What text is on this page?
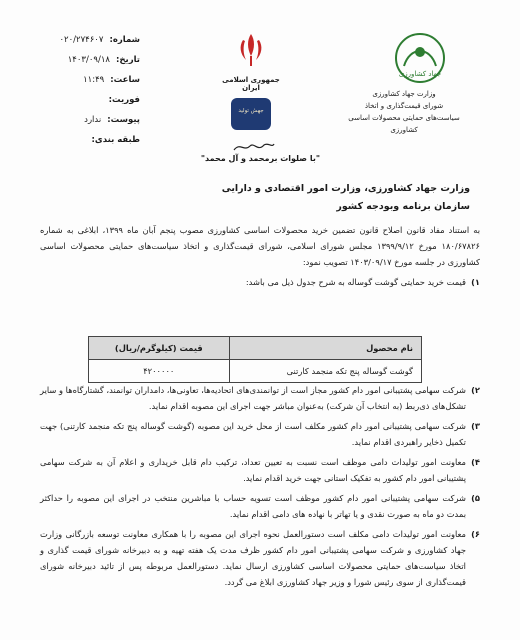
شماره:
۰۲۰/۲۷۴۶۰۷
تاریخ:
۱۴۰۳/۰۹/۱۸
ساعت:
۱۱:۴۹
فوریت:
پیوست:
ندارد
طبقه بندی:
جمهوری اسلامی ایران
جهش تولید
جهاد کشاورزی
وزارت جهاد کشاورزی
شورای قیمت‌گذاری و اتخاذ
سیاست‌های حمایتی محصولات اساسی کشاورزی
"با صلوات برمحمد و آل محمد"
وزارت جهاد کشاورزی، وزارت امور اقتصادی و دارایی
سازمان برنامه وبودجه کشور

به استناد مفاد قانون اصلاح قانون تضمین خرید محصولات اساسی کشاورزی مصوب پنجم آبان ماه ۱۳۹۹، ابلاغی به شماره ۱۸۰/۶۷۸۲۶ مورخ ۱۳۹۹/۹/۱۲ مجلس شورای اسلامی، شورای قیمت‌گذاری و اتخاذ سیاست‌های حمایتی محصولات اساسی کشاورزی در جلسه مورخ ۱۴۰۳/۰۹/۱۷ تصویب نمود:

۱)
قیمت خرید حمایتی گوشت گوساله به شرح جدول ذیل می باشد:
نام محصول	قیمت (کیلوگرم/ریال)
گوشت گوساله پنج تکه منجمد کارتنی	۴۲۰۰۰۰۰
۲)
شرکت سهامی پشتیبانی امور دام کشور مجاز است از توانمندی‌های اتحادیه‌ها، تعاونی‌ها، دامداران توانمند، گشتارگاه‌ها و سایر تشکل‌های ذی‌ربط (به انتخاب آن شرکت) به‌عنوان مباشر جهت اجرای این مصوبه اقدام نماید.
۳)
شرکت سهامی پشتیبانی امور دام کشور مکلف است از محل خرید این مصوبه (گوشت گوساله پنج تکه منجمد کارتنی) جهت تکمیل ذخایر راهبردی اقدام نماید.
۴)
معاونت امور تولیدات دامی موظف است نسبت به تعیین تعداد، ترکیب دام قابل خریداری و اعلام آن به شرکت سهامی پشتیبانی امور دام کشور به تفکیک استانی جهت خرید اقدام نماید.
۵)
شرکت سهامی پشتیبانی امور دام کشور موظف است تسویه حساب با مباشرین منتخب در اجرای این مصوبه را حداکثر بمدت دو ماه به صورت نقدی و یا تهاتر با نهاده های دامی اقدام نماید.
۶)
معاونت امور تولیدات دامی مکلف است دستورالعمل نحوه اجرای این مصوبه را با همکاری معاونت توسعه بازرگانی وزارت جهاد کشاورزی و شرکت سهامی پشتیبانی امور دام کشور ظرف مدت یک هفته تهیه و به دبیرخانه شورای قیمت گذاری و اتخاذ سیاست‌های حمایتی محصولات اساسی کشاورزی ارسال نماید. دستورالعمل مربوطه پس از تائید دبیرخانه شورای قیمت‌گذاری از سوی رئیس شورا و وزیر جهاد کشاورزی ابلاغ می گردد.
